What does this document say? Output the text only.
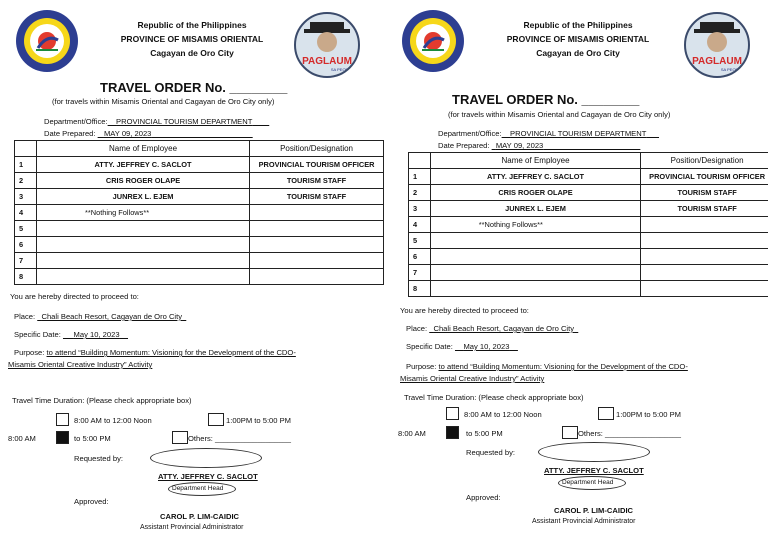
Republic of the Philippines
PROVINCE OF MISAMIS ORIENTAL
Cagayan de Oro City
PAGLAUM
SA PEOPLE
TRAVEL ORDER No. ________
(for travels within Misamis Oriental and Cagayan de Oro City only)
Department/Office: PROVINCIAL TOURISM DEPARTMENT
Date Prepared: MAY 09, 2023
	Name of Employee	Position/Designation
1	ATTY. JEFFREY C. SACLOT	PROVINCIAL TOURISM OFFICER
2	CRIS ROGER OLAPE	TOURISM STAFF
3	JUNREX L. EJEM	TOURISM STAFF
4	**Nothing Follows**	
5		
6		
7		
8		
You are hereby directed to proceed to:
Place: Chali Beach Resort, Cagayan de Oro City
Specific Date: May 10, 2023
Purpose: to attend “Building Momentum: Visioning for the Development of the CDO-
Misamis Oriental Creative Industry” Activity
Travel Time Duration: (Please check appropriate box)
8:00 AM to 12:00 Noon	1:00PM to 5:00 PM
8:00 AM	to 5:00 PM	Others: __________________
Requested by:
ATTY. JEFFREY C. SACLOT
Department Head
Approved:
CAROL P. LIM-CAIDIC
Assistant Provincial Administrator
Republic of the Philippines
PROVINCE OF MISAMIS ORIENTAL
Cagayan de Oro City
PAGLAUM
SA PEOPLE
TRAVEL ORDER No. ________
(for travels within Misamis Oriental and Cagayan de Oro City only)
Department/Office: PROVINCIAL TOURISM DEPARTMENT
Date Prepared: MAY 09, 2023
	Name of Employee	Position/Designation
1	ATTY. JEFFREY C. SACLOT	PROVINCIAL TOURISM OFFICER
2	CRIS ROGER OLAPE	TOURISM STAFF
3	JUNREX L. EJEM	TOURISM STAFF
4	**Nothing Follows**	
5		
6		
7		
8		
You are hereby directed to proceed to:
Place: Chali Beach Resort, Cagayan de Oro City
Specific Date: May 10, 2023
Purpose: to attend “Building Momentum: Visioning for the Development of the CDO-
Misamis Oriental Creative Industry” Activity
Travel Time Duration: (Please check appropriate box)
8:00 AM to 12:00 Noon	1:00PM to 5:00 PM
8:00 AM	to 5:00 PM	Others: __________________
Requested by:
ATTY. JEFFREY C. SACLOT
Department Head
Approved:
CAROL P. LIM-CAIDIC
Assistant Provincial Administrator
